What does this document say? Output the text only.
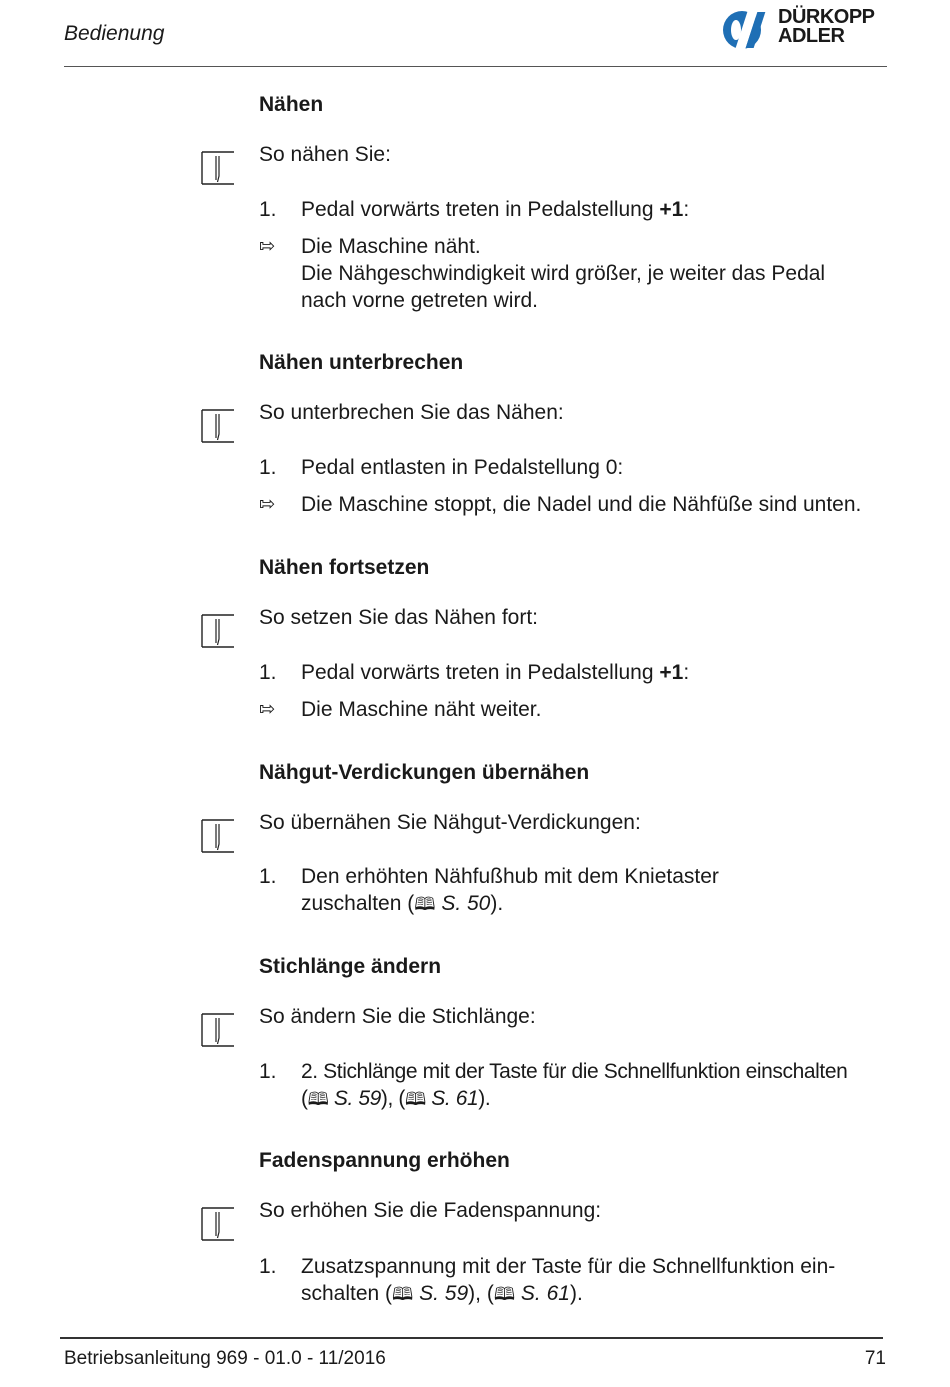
Bedienung
DÜRKOPP
ADLER
Nähen
So nähen Sie:
1. Pedal vorwärts treten in Pedalstellung +1:
⇰ Die Maschine näht.
Die Nähgeschwindigkeit wird größer, je weiter das Pedal
nach vorne getreten wird.
Nähen unterbrechen
So unterbrechen Sie das Nähen:
1. Pedal entlasten in Pedalstellung 0:
⇰ Die Maschine stoppt, die Nadel und die Nähfüße sind unten.
Nähen fortsetzen
So setzen Sie das Nähen fort:
1. Pedal vorwärts treten in Pedalstellung +1:
⇰ Die Maschine näht weiter.
Nähgut-Verdickungen übernähen
So übernähen Sie Nähgut-Verdickungen:
1. Den erhöhten Nähfußhub mit dem Knietaster
zuschalten (🕮 S. 50).
Stichlänge ändern
So ändern Sie die Stichlänge:
1. 2. Stichlänge mit der Taste für die Schnellfunktion einschalten
(🕮 S. 59), (🕮 S. 61).
Fadenspannung erhöhen
So erhöhen Sie die Fadenspannung:
1. Zusatzspannung mit der Taste für die Schnellfunktion ein-
schalten (🕮 S. 59), (🕮 S. 61).
Betriebsanleitung 969 - 01.0 - 11/2016	71
